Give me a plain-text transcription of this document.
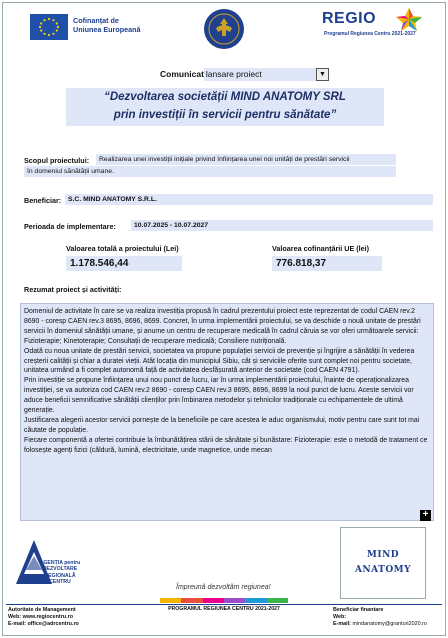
Cofinanțat de
Uniunea Europeană
REGIO
Programul Regiunea Centru 2021-2027
Comunicat lansare proiect	▼
“Dezvoltarea societății MIND ANATOMY SRL
prin investiții în servicii pentru sănătate”
Scopul proiectului:	Realizarea unei investiții inițiale privind înființarea unei noi unități de prestări servicii
în domeniul sănătății umane.
Beneficiar:	S.C. MIND ANATOMY S.R.L.
Perioada de implementare:	10.07.2025 - 10.07.2027
Valoarea totală a proiectului (Lei)
1.178.546,44
Valoarea cofinanțării UE (lei)
776.818,37
Rezumat proiect și activități:

Domeniul de activitate în care se va realiza investiția propusă în cadrul prezentului proiect este reprezentat de codul CAEN rev.2 8690 - coresp CAEN rev.3 8695, 8696, 8699. Concret, în urma implementării proiectului, se va deschide o nouă unitate de prestări servicii în domeniul sănătății umane, și anume un centru de recuperare medicală în cadrul căruia se vor oferi următoarele servicii: Fizioterapie; Kinetoterapie; Consultații de recuperare medicală; Consiliere nutrițională.

Odată cu noua unitate de prestări servicii, societatea va propune populației servicii de prevenție și îngrijire a sănătății în vederea creșterii calității și chiar a duratei vieții. Atât locația din municipiul Sibiu, cât și serviciile oferite sunt complet noi pentru societate, unitatea urmând a fi complet autonomă față de activitatea desfășurată anterior de societate (cod CAEN 4791).

Prin investiție se propune înființarea unui nou punct de lucru, iar în urma implementării proiectului, înainte de operaționalizarea investiției, se va autoriza cod CAEN rev.2 8690 - coresp CAEN rev.3 8695, 8696, 8699 la noul punct de lucru. Aceste servicii vor aduce beneficii semnificative sănătății clienților prin îmbinarea metodelor și tehnicilor tradiționale cu echipamentele de ultimă generație.

Justificarea alegerii acestor servicii pornește de la beneficiile pe care acestea le aduc organismului, motiv pentru care sunt tot mai căutate de populație.

Fiecare componentă a ofertei contribuie la îmbunătățirea stării de sănătate și bunăstare: Fizioterapie: este o metodă de tratament ce folosește agenți fizici (căldură, lumină, electricitate, unde magnetice, unde mecan

+
AGENȚIA pentru
DEZVOLTARE
REGIONALĂ
CENTRU
Împreună dezvoltăm regiunea!
MIND
ANATOMY
Autoritate de Management
Web: www.regiocentru.ro
E-mail: office@adrcentru.ro
PROGRAMUL REGIUNEA CENTRU 2021-2027	Beneficiar finantare
Web:
E-mail: mindanatomy@granturi2020.ro
